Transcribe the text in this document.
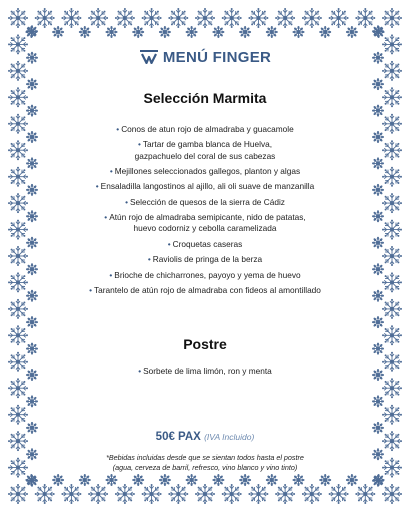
MENÚ FINGER
Selección Marmita
• Conos de atun rojo de almadraba y guacamole
• Tartar de gamba blanca de Huelva,
gazpachuelo del coral de sus cabezas
• Mejillones seleccionados gallegos, planton y algas
• Ensaladilla langostinos al ajillo, ali oli suave de manzanilla
• Selección de quesos de la sierra de Cádiz
• Atún rojo de almadraba semipicante, nido de patatas,
huevo codorniz y cebolla caramelizada
• Croquetas caseras
• Raviolis de pringa de la berza
• Brioche de chicharrones, payoyo y yema de huevo
• Tarantelo de atún rojo de almadraba con fideos al amontillado
Postre
• Sorbete de lima limón, ron y menta
50€ PAX (IVA Incluido)
*Bebidas incluidas desde que se sientan todos hasta el postre
(agua, cerveza de barril, refresco, vino blanco y vino tinto)
